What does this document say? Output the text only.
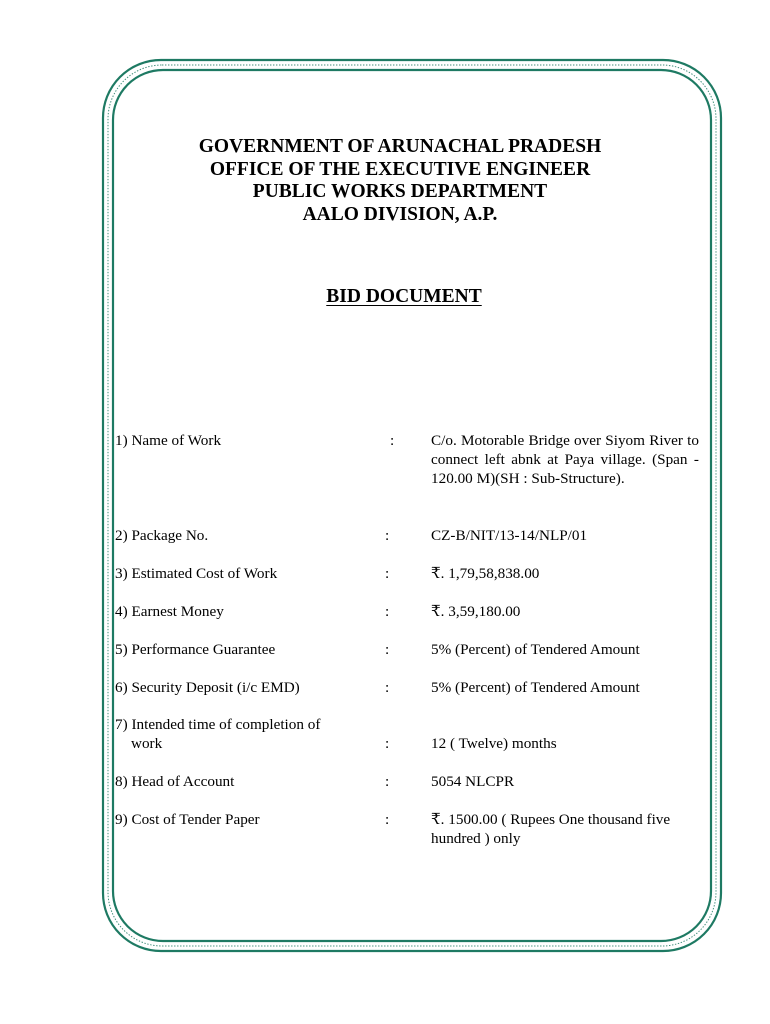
GOVERNMENT OF ARUNACHAL PRADESH
OFFICE OF THE EXECUTIVE ENGINEER
PUBLIC WORKS DEPARTMENT
AALO DIVISION, A.P.
BID DOCUMENT
1) Name of Work	:	C/o. Motorable Bridge over Siyom River to connect left abnk at Paya village. (Span - 120.00 M)(SH : Sub-Structure).
2) Package No.	:	CZ-B/NIT/13-14/NLP/01
3) Estimated Cost of Work	:	₹. 1,79,58,838.00
4) Earnest Money	:	₹. 3,59,180.00
5) Performance Guarantee	:	5% (Percent) of Tendered Amount
6) Security Deposit (i/c EMD)	:	5% (Percent) of Tendered Amount
7) Intended time of completion of
work	:	12 ( Twelve) months
8) Head of Account	:	5054 NLCPR
9) Cost of Tender Paper	:	₹. 1500.00 ( Rupees One thousand five hundred ) only
